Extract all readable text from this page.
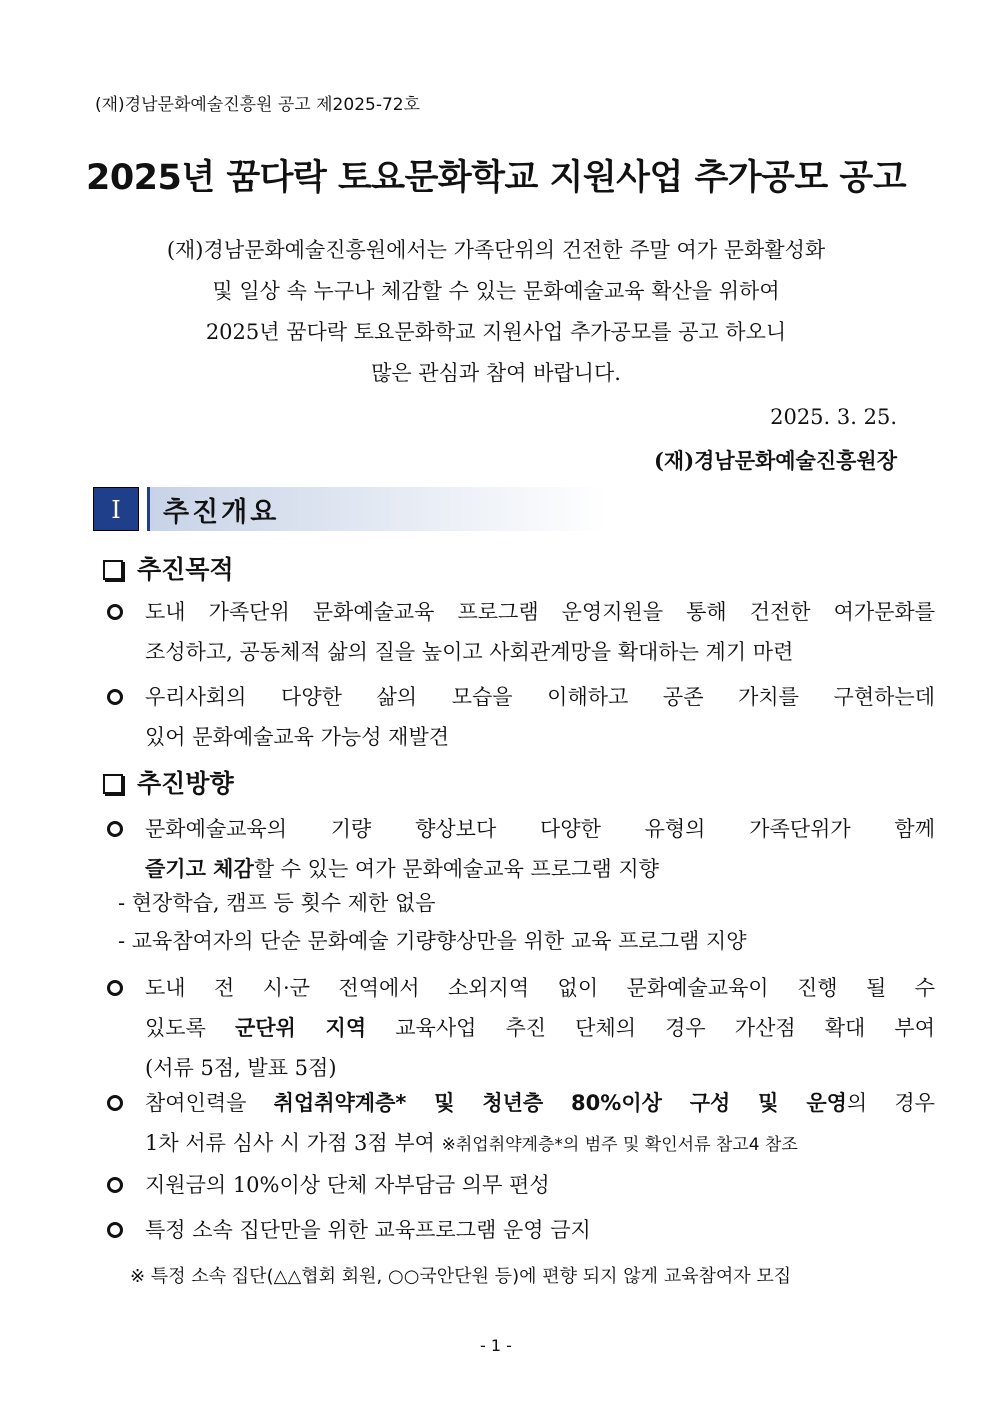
(재)경남문화예술진흥원 공고 제2025-72호
2025년 꿈다락 토요문화학교 지원사업 추가공모 공고
(재)경남문화예술진흥원에서는 가족단위의 건전한 주말 여가 문화활성화
및 일상 속 누구나 체감할 수 있는 문화예술교육 확산을 위하여
2025년 꿈다락 토요문화학교 지원사업 추가공모를 공고 하오니
많은 관심과 참여 바랍니다.
2025. 3. 25.
(재)경남문화예술진흥원장
I	추진개요
추진목적
도내 가족단위 문화예술교육 프로그램 운영지원을 통해 건전한 여가문화를
조성하고, 공동체적 삶의 질을 높이고 사회관계망을 확대하는 계기 마련
우리사회의 다양한 삶의 모습을 이해하고 공존 가치를 구현하는데
있어 문화예술교육 가능성 재발견
추진방향
문화예술교육의 기량 향상보다 다양한 유형의 가족단위가 함께
즐기고 체감할 수 있는 여가 문화예술교육 프로그램 지향
- 현장학습, 캠프 등 횟수 제한 없음
- 교육참여자의 단순 문화예술 기량향상만을 위한 교육 프로그램 지양
도내 전 시·군 전역에서 소외지역 없이 문화예술교육이 진행 될 수
있도록 군단위 지역 교육사업 추진 단체의 경우 가산점 확대 부여
(서류 5점, 발표 5점)
참여인력을 취업취약계층* 및 청년층 80%이상 구성 및 운영의 경우
1차 서류 심사 시 가점 3점 부여 ※취업취약계층*의 범주 및 확인서류 참고4 참조
지원금의 10%이상 단체 자부담금 의무 편성
특정 소속 집단만을 위한 교육프로그램 운영 금지
※ 특정 소속 집단(△△협회 회원, ○○국안단원 등)에 편향 되지 않게 교육참여자 모집
- 1 -
